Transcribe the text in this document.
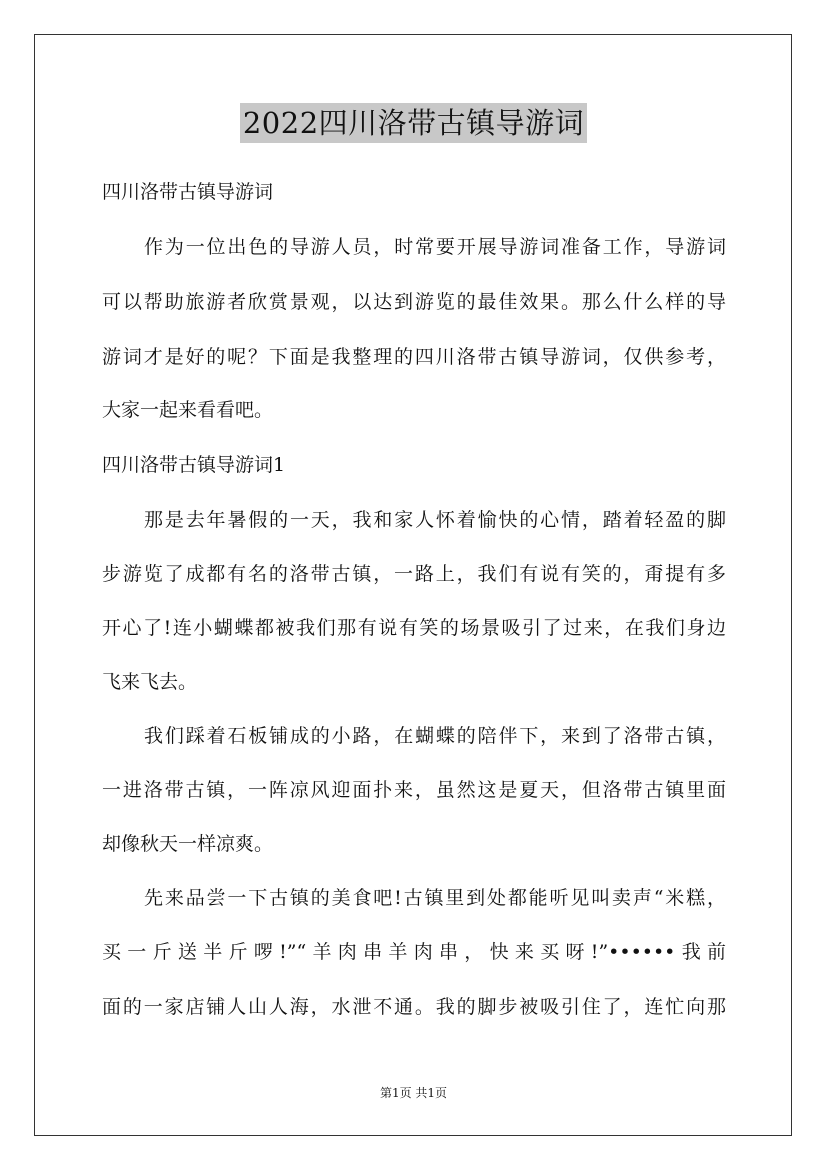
2022四川洛带古镇导游词
四川洛带古镇导游词
作为一位出色的导游人员，时常要开展导游词准备工作，导游词
可以帮助旅游者欣赏景观，以达到游览的最佳效果。那么什么样的导
游词才是好的呢？下面是我整理的四川洛带古镇导游词，仅供参考，
大家一起来看看吧。
四川洛带古镇导游词1
那是去年暑假的一天，我和家人怀着愉快的心情，踏着轻盈的脚
步游览了成都有名的洛带古镇，一路上，我们有说有笑的，甭提有多
开心了!连小蝴蝶都被我们那有说有笑的场景吸引了过来，在我们身边
飞来飞去。
我们踩着石板铺成的小路，在蝴蝶的陪伴下，来到了洛带古镇，
一进洛带古镇，一阵凉风迎面扑来，虽然这是夏天，但洛带古镇里面
却像秋天一样凉爽。
先来品尝一下古镇的美食吧!古镇里到处都能听见叫卖声“米糕，
买一斤送半斤啰!”“羊肉串羊肉串，快来买呀!”••••••我前
面的一家店铺人山人海，水泄不通。我的脚步被吸引住了，连忙向那
第1页 共1页
